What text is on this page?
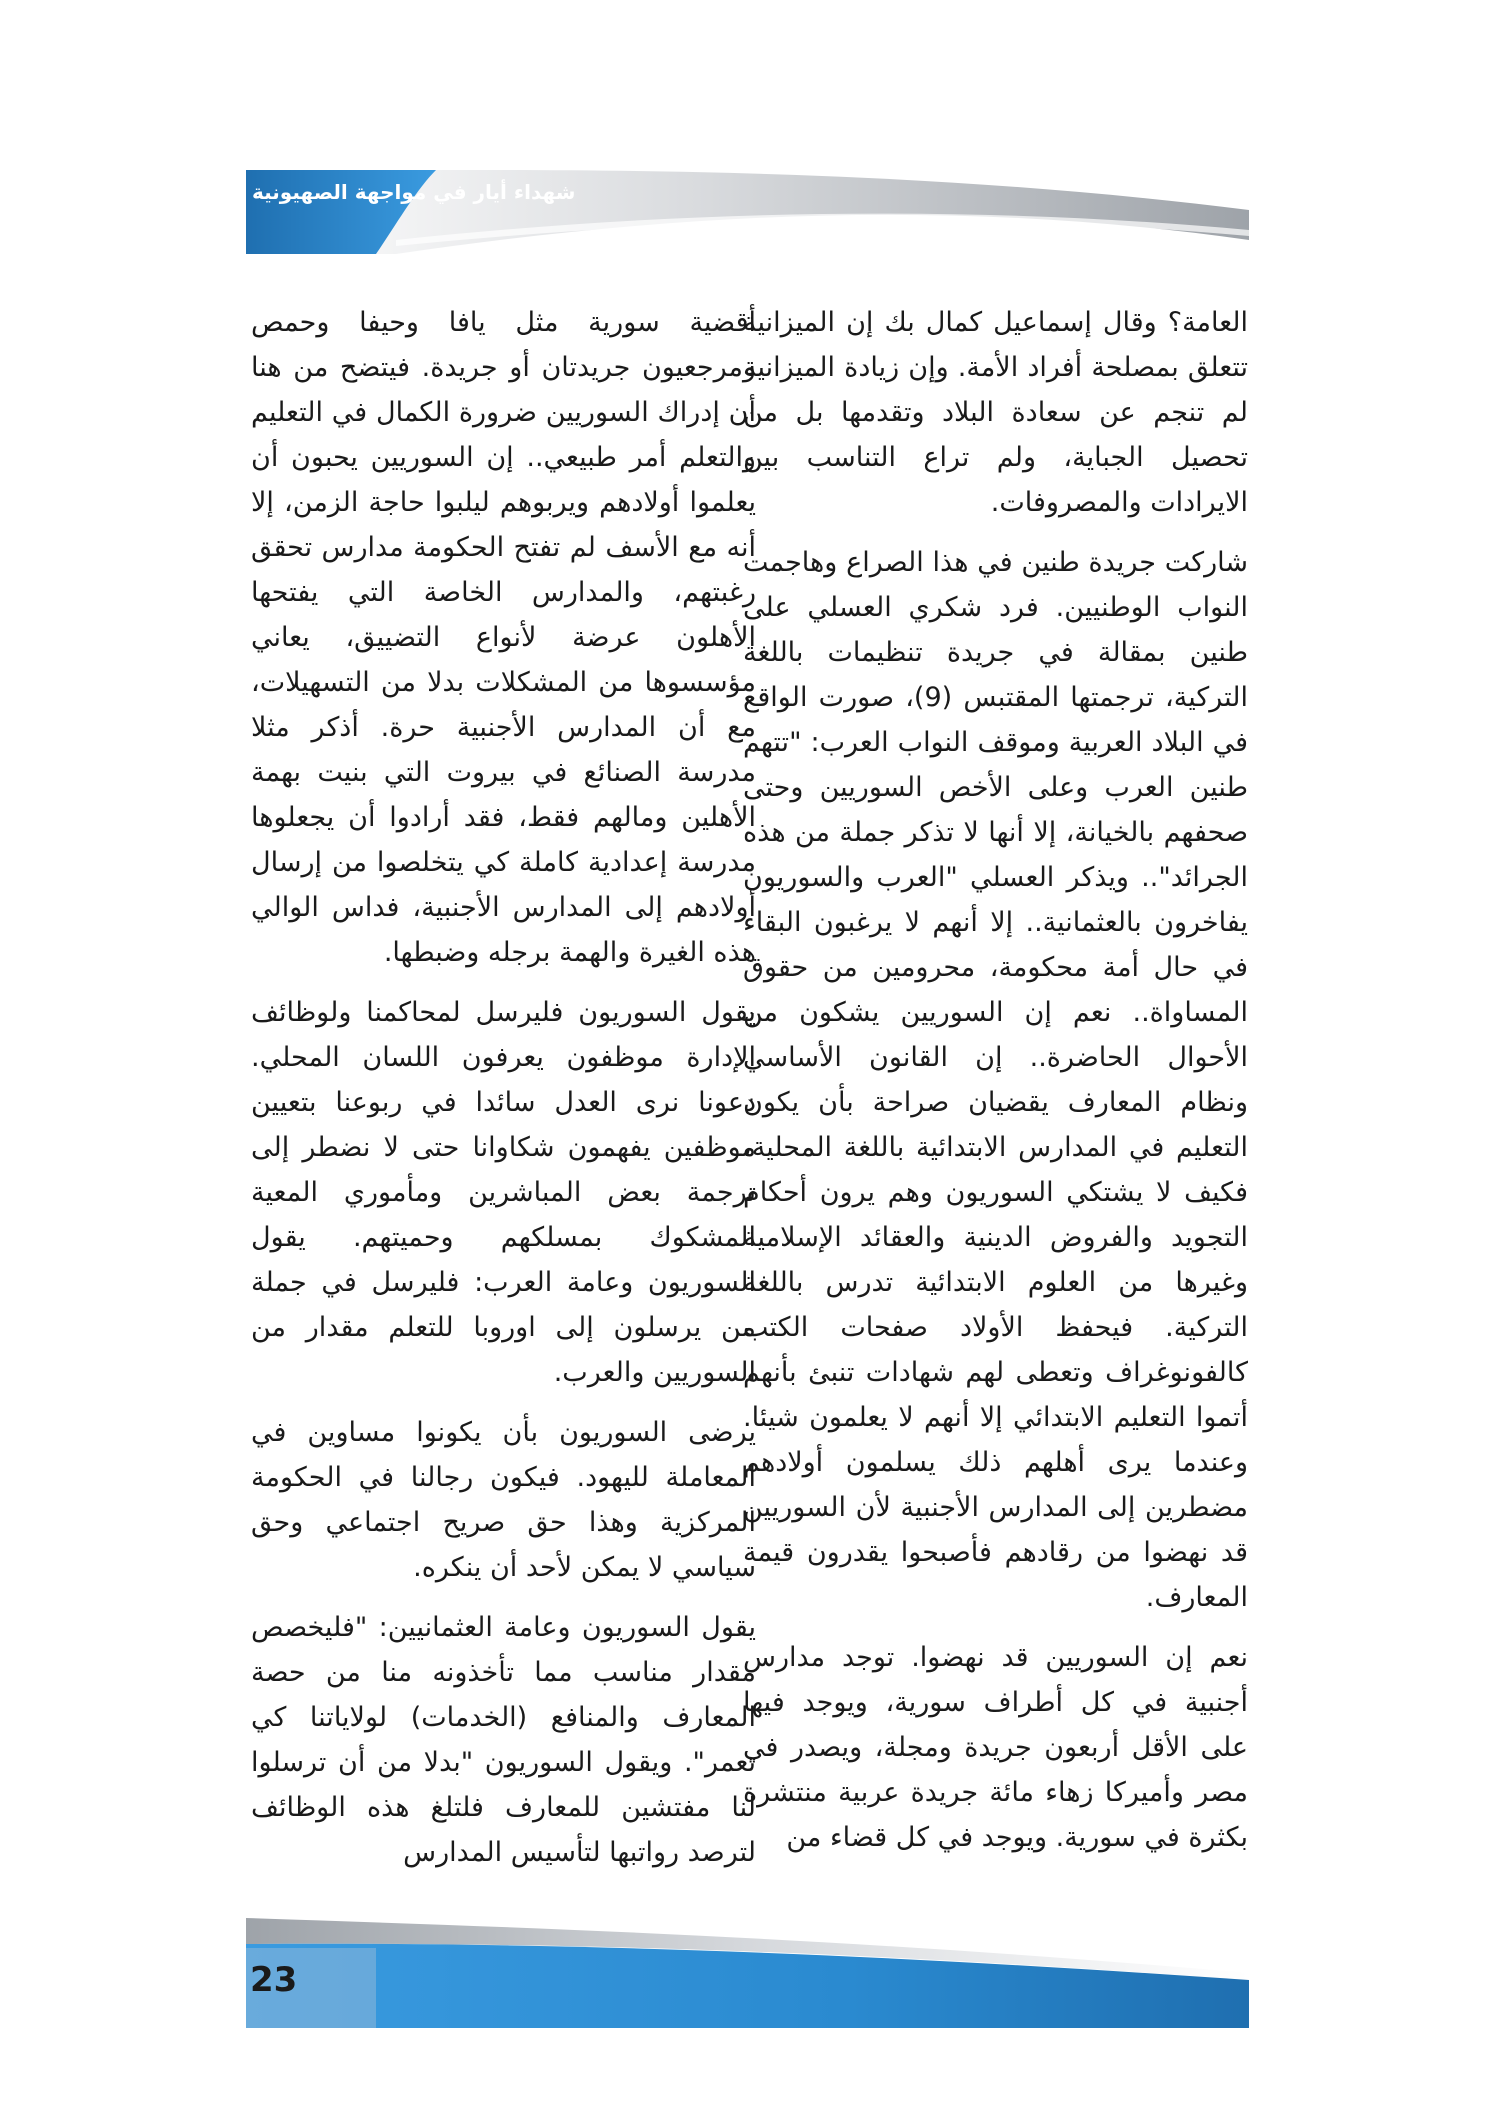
شهداء أيار في مواجهة الصهيونية

العامة؟ وقال إسماعيل كمال بك إن الميزانية تتعلق بمصلحة أفراد الأمة. وإن زيادة الميزانية لم تنجم عن سعادة البلاد وتقدمها بل من تحصيل الجباية، ولم تراع التناسب بين الايرادات والمصروفات.

شاركت جريدة طنين في هذا الصراع وهاجمت النواب الوطنيين. فرد شكري العسلي على طنين بمقالة في جريدة تنظيمات باللغة التركية، ترجمتها المقتبس (9)، صورت الواقع في البلاد العربية وموقف النواب العرب: "تتهم طنين العرب وعلى الأخص السوريين وحتى صحفهم بالخيانة، إلا أنها لا تذكر جملة من هذه الجرائد".. ويذكر العسلي "العرب والسوريون يفاخرون بالعثمانية.. إلا أنهم لا يرغبون البقاء في حال أمة محكومة، محرومين من حقوق المساواة.. نعم إن السوريين يشكون من الأحوال الحاضرة.. إن القانون الأساسي ونظام المعارف يقضيان صراحة بأن يكون التعليم في المدارس الابتدائية باللغة المحلية، فكيف لا يشتكي السوريون وهم يرون أحكام التجويد والفروض الدينية والعقائد الإسلامية وغيرها من العلوم الابتدائية تدرس باللغة التركية. فيحفظ الأولاد صفحات الكتب كالفونوغراف وتعطى لهم شهادات تنبئ بأنهم أتموا التعليم الابتدائي إلا أنهم لا يعلمون شيئا. وعندما يرى أهلهم ذلك يسلمون أولادهم مضطرين إلى المدارس الأجنبية لأن السوريين قد نهضوا من رقادهم فأصبحوا يقدرون قيمة المعارف.

نعم إن السوريين قد نهضوا. توجد مدارس أجنبية في كل أطراف سورية، ويوجد فيها على الأقل أربعون جريدة ومجلة، ويصدر في مصر وأميركا زهاء مائة جريدة عربية منتشرة بكثرة في سورية. ويوجد في كل قضاء من

أقضية سورية مثل يافا وحيفا وحمص ومرجعيون جريدتان أو جريدة. فيتضح من هنا أن إدراك السوريين ضرورة الكمال في التعليم والتعلم أمر طبيعي.. إن السوريين يحبون أن يعلموا أولادهم ويربوهم ليلبوا حاجة الزمن، إلا أنه مع الأسف لم تفتح الحكومة مدارس تحقق رغبتهم، والمدارس الخاصة التي يفتحها الأهلون عرضة لأنواع التضييق، يعاني مؤسسوها من المشكلات بدلا من التسهيلات، مع أن المدارس الأجنبية حرة. أذكر مثلا مدرسة الصنائع في بيروت التي بنيت بهمة الأهلين ومالهم فقط، فقد أرادوا أن يجعلوها مدرسة إعدادية كاملة كي يتخلصوا من إرسال أولادهم إلى المدارس الأجنبية، فداس الوالي هذه الغيرة والهمة برجله وضبطها.

يقول السوريون فليرسل لمحاكمنا ولوظائف الإدارة موظفون يعرفون اللسان المحلي. دعونا نرى العدل سائدا في ربوعنا بتعيين موظفين يفهمون شكاوانا حتى لا نضطر إلى ترجمة بعض المباشرين ومأموري المعية المشكوك بمسلكهم وحميتهم. يقول السوريون وعامة العرب: فليرسل في جملة من يرسلون إلى اوروبا للتعلم مقدار من السوريين والعرب.

يرضى السوريون بأن يكونوا مساوين في المعاملة لليهود. فيكون رجالنا في الحكومة المركزية وهذا حق صريح اجتماعي وحق سياسي لا يمكن لأحد أن ينكره.

يقول السوريون وعامة العثمانيين: "فليخصص مقدار مناسب مما تأخذونه منا من حصة المعارف والمنافع (الخدمات) لولاياتنا كي تعمر". ويقول السوريون "بدلا من أن ترسلوا لنا مفتشين للمعارف فلتلغ هذه الوظائف لترصد رواتبها لتأسيس المدارس

23
